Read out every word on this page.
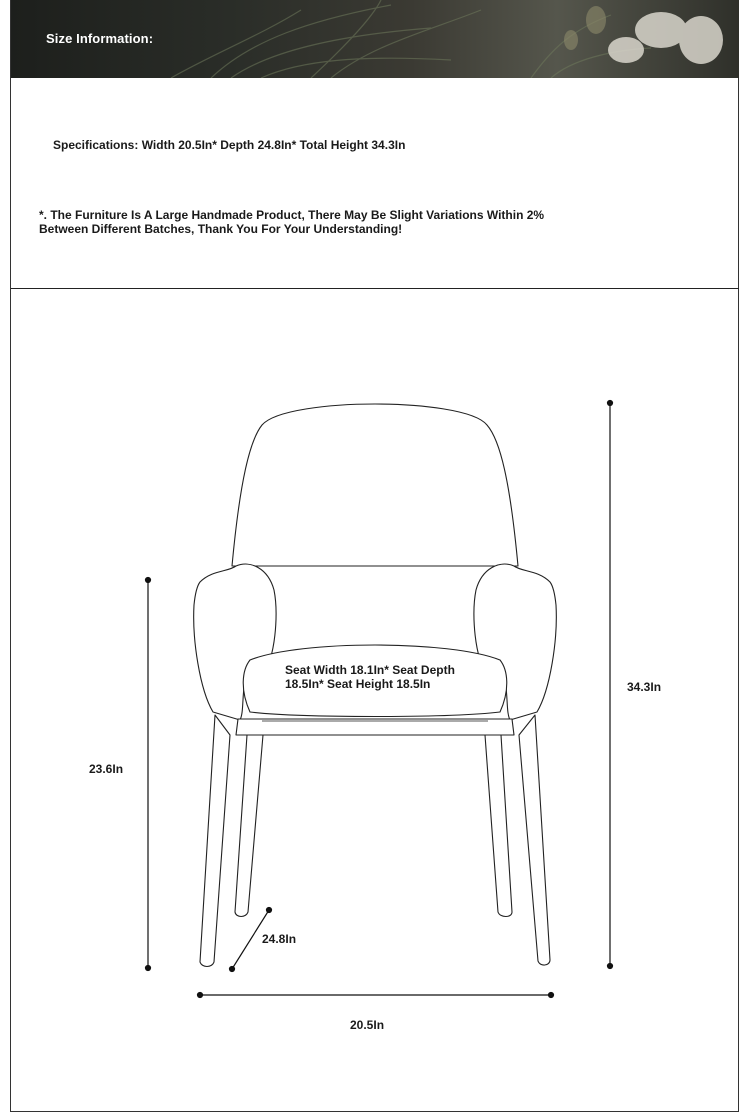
Size Information:
Specifications: Width 20.5In* Depth 24.8In* Total Height 34.3In
*. The Furniture Is A Large Handmade Product, There May Be Slight Variations Within 2%
Between Different Batches, Thank You For Your Understanding!
Seat Width 18.1In* Seat Depth
18.5In* Seat Height 18.5In	34.3In
23.6In
24.8In
20.5In
